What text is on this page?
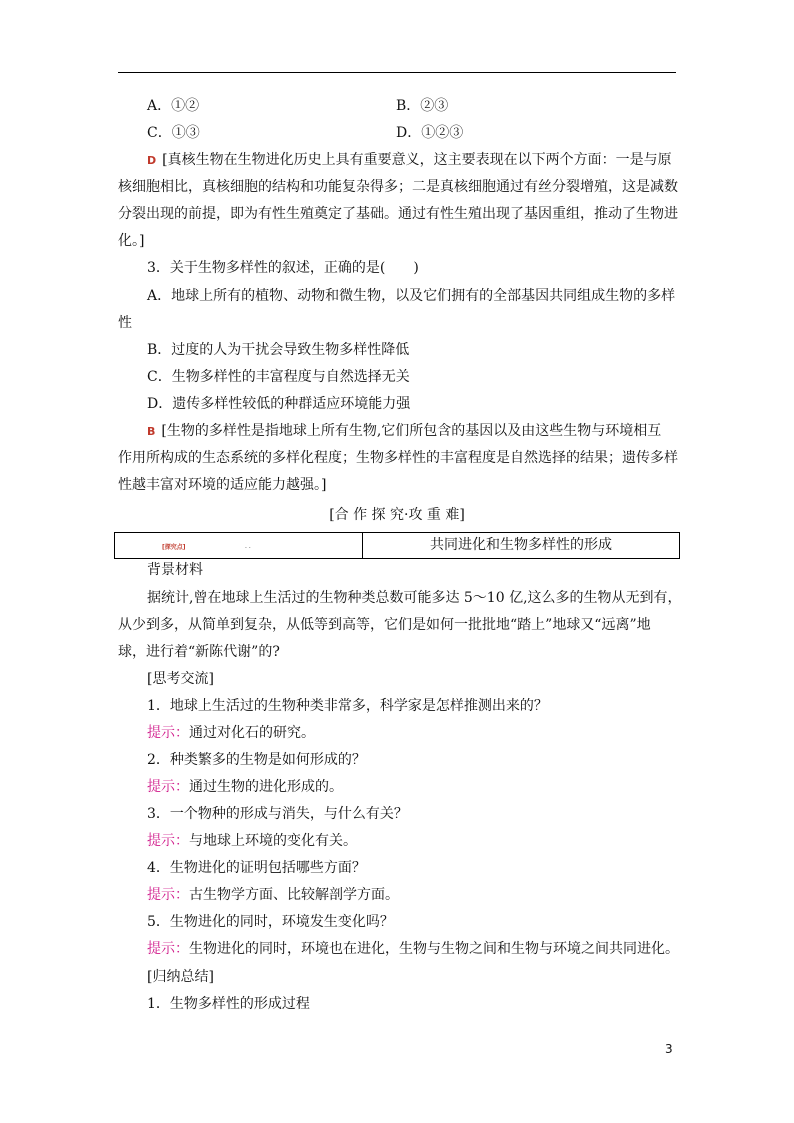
A．①②	B．②③
C．①③	D．①②③
D [真核生物在生物进化历史上具有重要意义，这主要表现在以下两个方面：一是与原
核细胞相比，真核细胞的结构和功能复杂得多；二是真核细胞通过有丝分裂增殖，这是减数
分裂出现的前提，即为有性生殖奠定了基础。通过有性生殖出现了基因重组，推动了生物进
化。]
3．关于生物多样性的叙述，正确的是(　　)
A．地球上所有的植物、动物和微生物，以及它们拥有的全部基因共同组成生物的多样
性
B．过度的人为干扰会导致生物多样性降低
C．生物多样性的丰富程度与自然选择无关
D．遗传多样性较低的种群适应环境能力强
B [生物的多样性是指地球上所有生物,它们所包含的基因以及由这些生物与环境相互
作用所构成的生态系统的多样化程度；生物多样性的丰富程度是自然选择的结果；遗传多样
性越丰富对环境的适应能力越强。]
[合 作 探 究·攻 重 难]
[探究点]	. .	共同进化和生物多样性的形成
背景材料
据统计,曾在地球上生活过的生物种类总数可能多达 5～10 亿,这么多的生物从无到有，
从少到多，从简单到复杂，从低等到高等，它们是如何一批批地“踏上”地球又“远离”地
球，进行着“新陈代谢”的?
[思考交流]
1．地球上生活过的生物种类非常多，科学家是怎样推测出来的？
提示：通过对化石的研究。
2．种类繁多的生物是如何形成的？
提示：通过生物的进化形成的。
3．一个物种的形成与消失，与什么有关？
提示：与地球上环境的变化有关。
4．生物进化的证明包括哪些方面？
提示：古生物学方面、比较解剖学方面。
5．生物进化的同时，环境发生变化吗？
提示：生物进化的同时，环境也在进化，生物与生物之间和生物与环境之间共同进化。
[归纳总结]
1．生物多样性的形成过程
3
